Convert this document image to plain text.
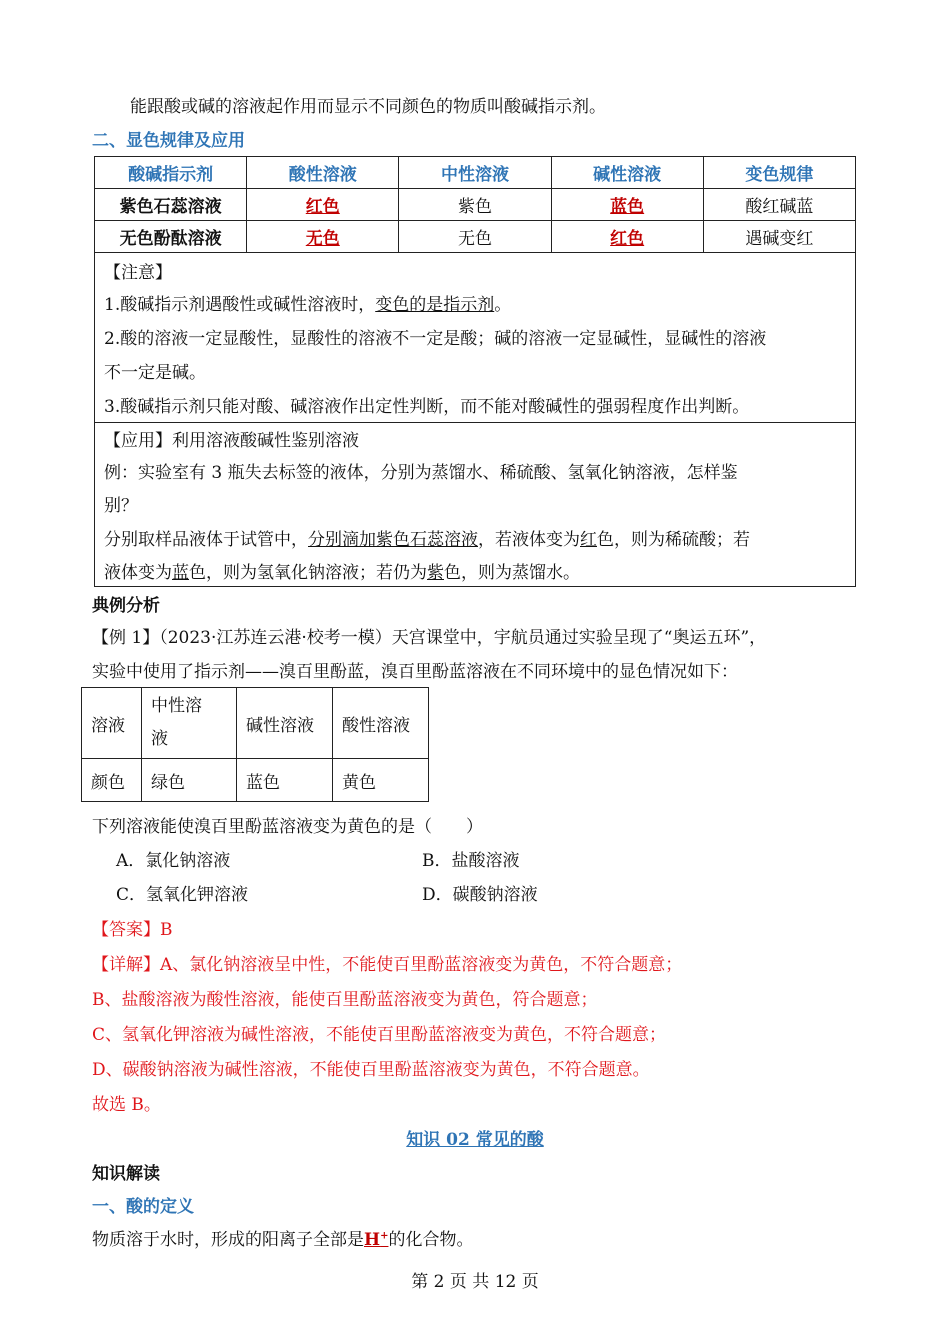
能跟酸或碱的溶液起作用而显示不同颜色的物质叫酸碱指示剂。
二、显色规律及应用
酸碱指示剂	酸性溶液	中性溶液	碱性溶液	变色规律
紫色石蕊溶液	红色	紫色	蓝色	酸红碱蓝
无色酚酞溶液	无色	无色	红色	遇碱变红
【注意】
1.酸碱指示剂遇酸性或碱性溶液时，变色的是指示剂。
2.酸的溶液一定显酸性，显酸性的溶液不一定是酸；碱的溶液一定显碱性，显碱性的溶液
不一定是碱。
3.酸碱指示剂只能对酸、碱溶液作出定性判断，而不能对酸碱性的强弱程度作出判断。
【应用】利用溶液酸碱性鉴别溶液
例：实验室有 3 瓶失去标签的液体，分别为蒸馏水、稀硫酸、氢氧化钠溶液，怎样鉴
别？
分别取样品液体于试管中，分别滴加紫色石蕊溶液，若液体变为红色，则为稀硫酸；若
液体变为蓝色，则为氢氧化钠溶液；若仍为紫色，则为蒸馏水。
典例分析
【例 1】（2023·江苏连云港·校考一模）天宫课堂中，宇航员通过实验呈现了“奥运五环”，
实验中使用了指示剂——溴百里酚蓝，溴百里酚蓝溶液在不同环境中的显色情况如下：
溶液	中性溶
液	碱性溶液	酸性溶液
颜色	绿色	蓝色	黄色
下列溶液能使溴百里酚蓝溶液变为黄色的是（　　）
A．氯化钠溶液	B．盐酸溶液
C．氢氧化钾溶液	D．碳酸钠溶液
【答案】B
【详解】A、氯化钠溶液呈中性，不能使百里酚蓝溶液变为黄色，不符合题意；
B、盐酸溶液为酸性溶液，能使百里酚蓝溶液变为黄色，符合题意；
C、氢氧化钾溶液为碱性溶液，不能使百里酚蓝溶液变为黄色，不符合题意；
D、碳酸钠溶液为碱性溶液，不能使百里酚蓝溶液变为黄色，不符合题意。
故选 B。
知识 02 常见的酸
知识解读
一、酸的定义
物质溶于水时，形成的阳离子全部是H+的化合物。
第 2 页 共 12 页
